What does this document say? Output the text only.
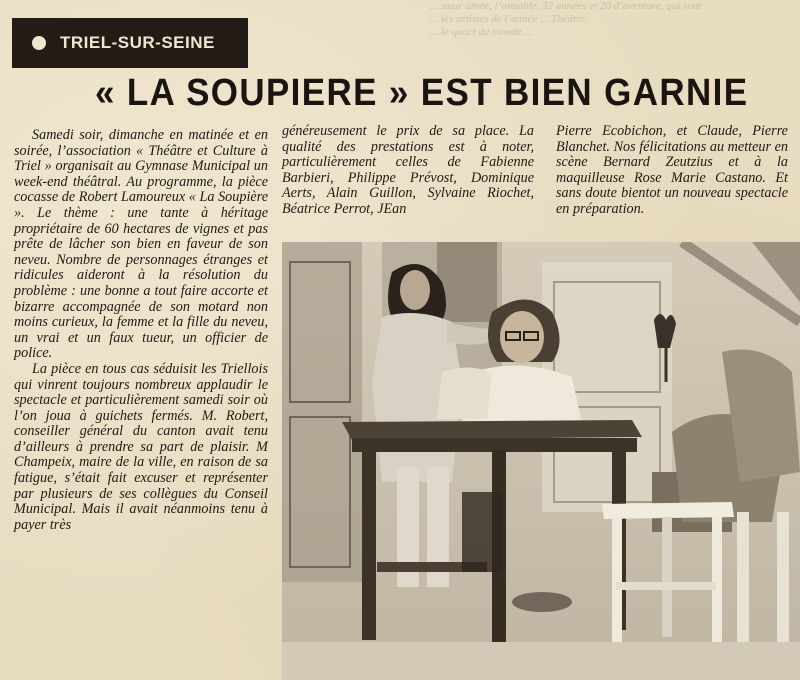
... sœur aînée, l’aimable, 32 années et 20 d’aventure, qui sont
... les artistes de l’année ... Théâtre.
... le quart du monde ...
TRIEL-SUR-SEINE
« LA SOUPIERE » EST BIEN GARNIE

Samedi soir, dimanche en matinée et en soirée, l’association « Théâtre et Culture à Triel » organisait au Gymnase Municipal un week-end théâtral. Au programme, la pièce cocasse de Robert Lamoureux « La Soupière ». Le thème : une tante à héritage propriétaire de 60 hectares de vignes et pas prête de lâcher son bien en faveur de son neveu. Nombre de personnages étranges et ridicules aideront à la résolution du problème : une bonne a tout faire accorte et bizarre accompagnée de son motard non moins curieux, la femme et la fille du neveu, un vrai et un faux tueur, un officier de police.

La pièce en tous cas séduisit les Triellois qui vinrent toujours nombreux applaudir le spectacle et particulièrement samedi soir où l’on joua à guichets fermés. M. Robert, conseiller général du canton avait tenu d’ailleurs à prendre sa part de plaisir. M Champeix, maire de la ville, en raison de sa fatigue, s’était fait excuser et représenter par plusieurs de ses collègues du Conseil Municipal. Mais il avait néanmoins tenu à payer très

généreusement le prix de sa place. La qualité des prestations est à noter, particulièrement celles de Fabienne Barbieri, Philippe Prévost, Dominique Aerts, Alain Guillon, Sylvaine Riochet, Béatrice Perrot, JEan

Pierre Ecobichon, et Claude, Pierre Blanchet. Nos félicitations au metteur en scène Bernard Zeutzius et à la maquilleuse Rose Marie Castano. Et sans doute bientot un nouveau spectacle en préparation.
